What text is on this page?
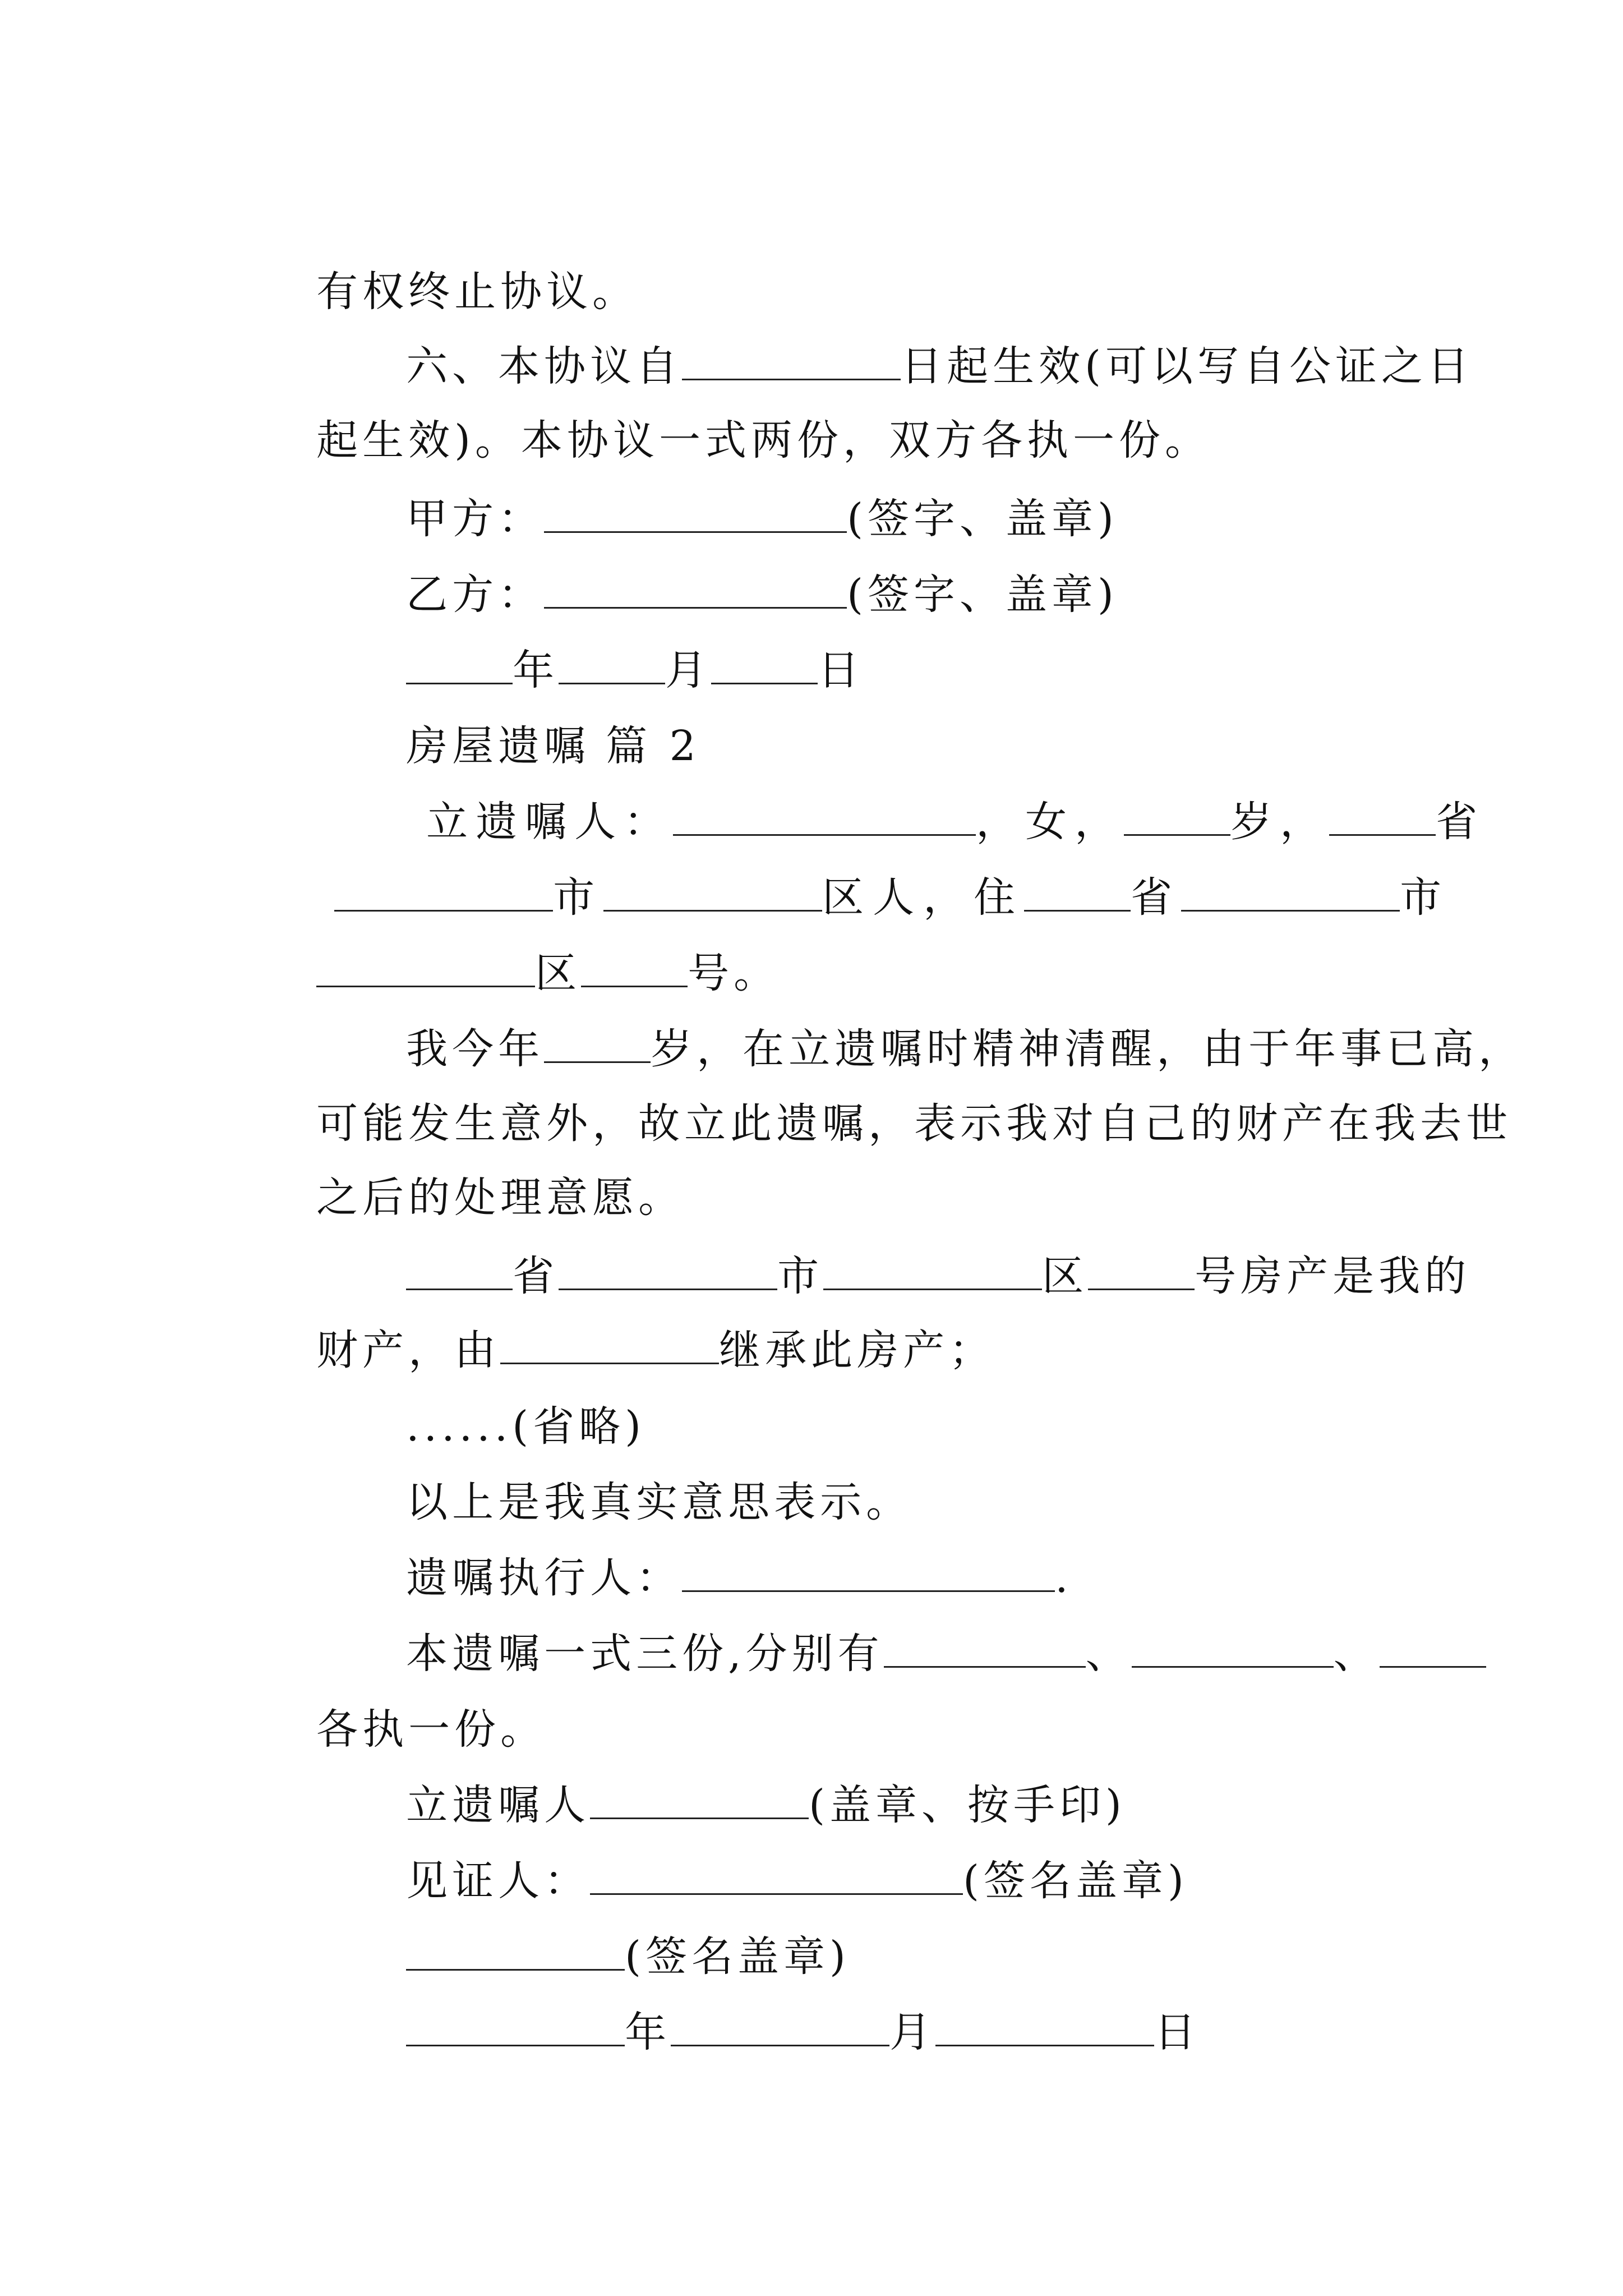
有权终止协议。

六、本协议自	日起生效(可以写自公证之日

起生效)。本协议一式两份，双方各执一份。

甲方：	(签字、盖章)

乙方：	(签字、盖章)

年	月	日

房屋遗嘱 篇 2

立遗嘱人：	，女，	岁，	省

市	区人，住	省	市

区	号。

我今年	岁，在立遗嘱时精神清醒，由于年事已高，

可能发生意外，故立此遗嘱，表示我对自己的财产在我去世

之后的处理意愿。

省	市	区	号房产是我的

财产，由	继承此房产；

......(省略)

以上是我真实意思表示。

遗嘱执行人：	.

本遗嘱一式三份,分别有	、	、

各执一份。

立遗嘱人	(盖章、按手印)

见证人：	(签名盖章)

(签名盖章)

年	月	日
